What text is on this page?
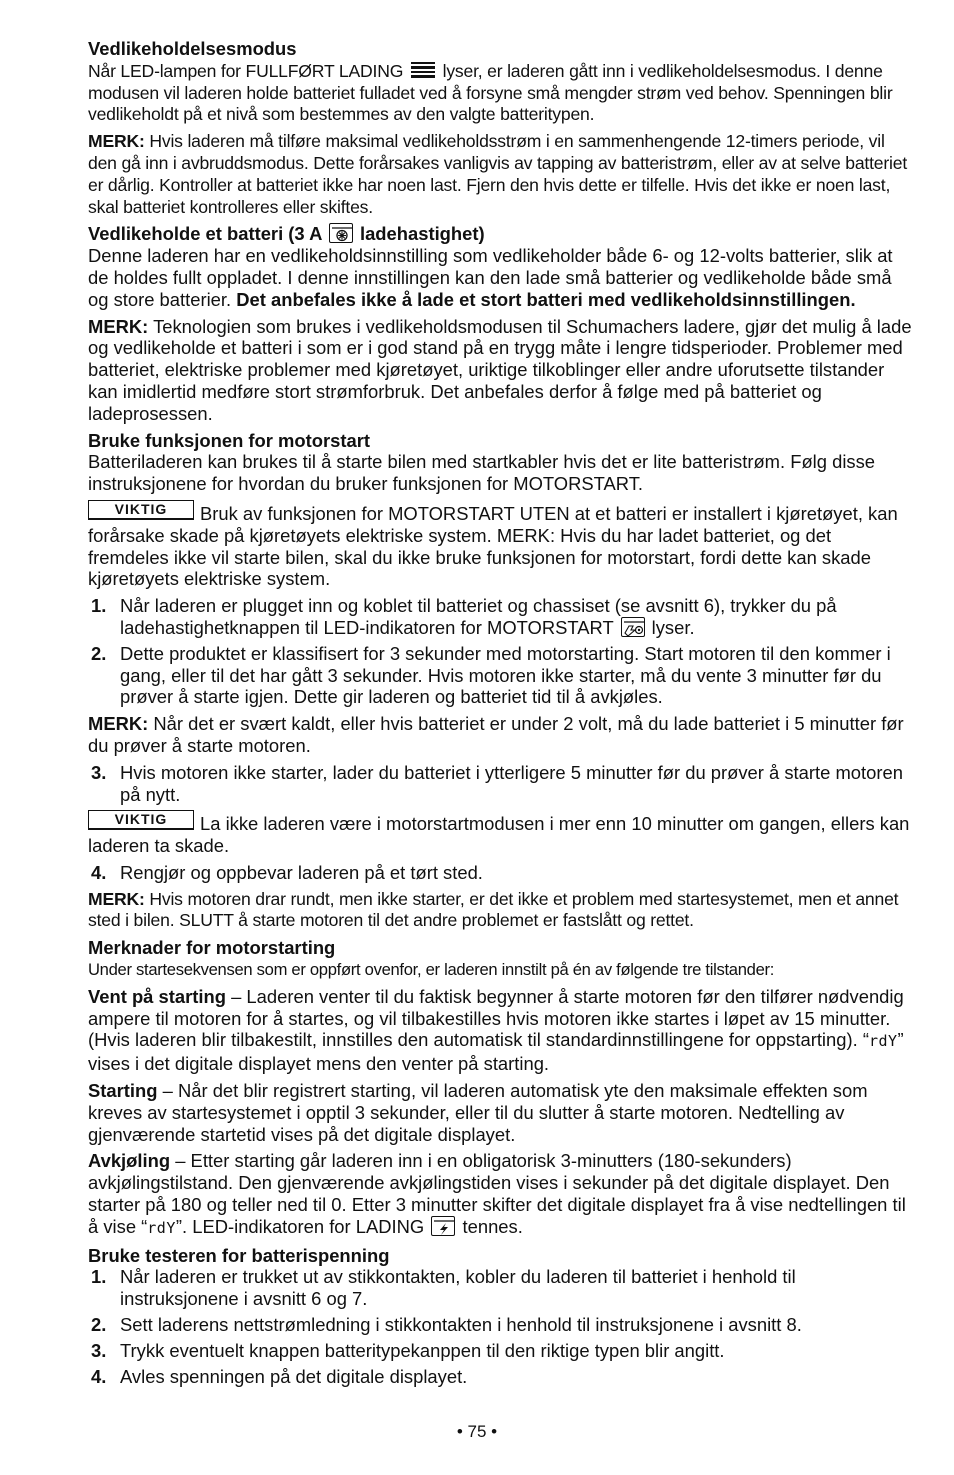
Vedlikeholdelsesmodus

Når LED-lampen for FULLFØRT LADING lyser, er laderen gått inn i vedlikeholdelsesmodus. I denne modusen vil laderen holde batteriet fulladet ved å forsyne små mengder strøm ved behov. Spenningen blir vedlikeholdt på et nivå som bestemmes av den valgte batteritypen.

MERK: Hvis laderen må tilføre maksimal vedlikeholdsstrøm i en sammenhengende 12-timers periode, vil den gå inn i avbruddsmodus. Dette forårsakes vanligvis av tapping av batteristrøm, eller av at selve batteriet er dårlig. Kontroller at batteriet ikke har noen last. Fjern den hvis dette er tilfelle. Hvis det ikke er noen last, skal batteriet kontrolleres eller skiftes.

Vedlikeholde et batteri (3 A ladehastighet)

Denne laderen har en vedlikeholdsinnstilling som vedlikeholder både 6- og 12-volts batterier, slik at de holdes fullt oppladet. I denne innstillingen kan den lade små batterier og vedlikeholde både små og store batterier. Det anbefales ikke å lade et stort batteri med vedlikeholdsinnstillingen.

MERK: Teknologien som brukes i vedlikeholdsmodusen til Schumachers ladere, gjør det mulig å lade og vedlikeholde et batteri i som er i god stand på en trygg måte i lengre tidsperioder. Problemer med batteriet, elektriske problemer med kjøretøyet, uriktige tilkoblinger eller andre uforutsette tilstander kan imidlertid medføre stort strømforbruk. Det anbefales derfor å følge med på batteriet og ladeprosessen.

Bruke funksjonen for motorstart

Batteriladeren kan brukes til å starte bilen med startkabler hvis det er lite batteristrøm. Følg disse instruksjonene for hvordan du bruker funksjonen for MOTORSTART.

VIKTIG Bruk av funksjonen for MOTORSTART UTEN at et batteri er installert i kjøretøyet, kan forårsake skade på kjøretøyets elektriske system. MERK: Hvis du har ladet batteriet, og det fremdeles ikke vil starte bilen, skal du ikke bruke funksjonen for motorstart, fordi dette kan skade kjøretøyets elektriske system.

1. Når laderen er plugget inn og koblet til batteriet og chassiset (se avsnitt 6), trykker du på ladehastighetknappen til LED-indikatoren for MOTORSTART lyser.
2. Dette produktet er klassifisert for 3 sekunder med motorstarting. Start motoren til den kommer i gang, eller til det har gått 3 sekunder. Hvis motoren ikke starter, må du vente 3 minutter før du prøver å starte igjen. Dette gir laderen og batteriet tid til å avkjøles.

MERK: Når det er svært kaldt, eller hvis batteriet er under 2 volt, må du lade batteriet i 5 minutter før du prøver å starte motoren.

3. Hvis motoren ikke starter, lader du batteriet i ytterligere 5 minutter før du prøver å starte motoren på nytt.

VIKTIG La ikke laderen være i motorstartmodusen i mer enn 10 minutter om gangen, ellers kan laderen ta skade.

4. Rengjør og oppbevar laderen på et tørt sted.

MERK: Hvis motoren drar rundt, men ikke starter, er det ikke et problem med startesystemet, men et annet sted i bilen. SLUTT å starte motoren til det andre problemet er fastslått og rettet.

Merknader for motorstarting

Under startesekvensen som er oppført ovenfor, er laderen innstilt på én av følgende tre tilstander:

Vent på starting – Laderen venter til du faktisk begynner å starte motoren før den tilfører nødvendig ampere til motoren for å startes, og vil tilbakestilles hvis motoren ikke startes i løpet av 15 minutter. (Hvis laderen blir tilbakestilt, innstilles den automatisk til standardinnstillingene for oppstarting). “rdY” vises i det digitale displayet mens den venter på starting.

Starting – Når det blir registrert starting, vil laderen automatisk yte den maksimale effekten som kreves av startesystemet i opptil 3 sekunder, eller til du slutter å starte motoren. Nedtelling av gjenværende startetid vises på det digitale displayet.

Avkjøling – Etter starting går laderen inn i en obligatorisk 3-minutters (180-sekunders) avkjølingstilstand. Den gjenværende avkjølingstiden vises i sekunder på det digitale displayet. Den starter på 180 og teller ned til 0. Etter 3 minutter skifter det digitale displayet fra å vise nedtellingen til å vise “rdY”. LED-indikatoren for LADING tennes.

Bruke testeren for batterispenning
1. Når laderen er trukket ut av stikkontakten, kobler du laderen til batteriet i henhold til instruksjonene i avsnitt 6 og 7.
2. Sett laderens nettstrømledning i stikkontakten i henhold til instruksjonene i avsnitt 8.
3. Trykk eventuelt knappen batteritypekanppen til den riktige typen blir angitt.
4. Avles spenningen på det digitale displayet.
• 75 •
